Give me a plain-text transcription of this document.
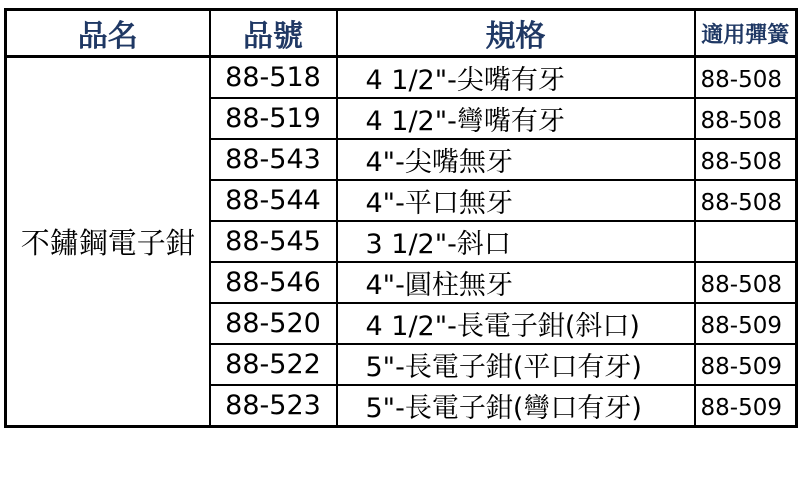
品名	品號	規格	適用彈簧
不鏽鋼電子鉗	88-518	4 1/2"-尖嘴有牙	88-508
	88-519	4 1/2"-彎嘴有牙	88-508
	88-543	4"-尖嘴無牙	88-508
	88-544	4"-平口無牙	88-508
	88-545	3 1/2"-斜口	
	88-546	4"-圓柱無牙	88-508
	88-520	4 1/2"-長電子鉗(斜口)	88-509
	88-522	5"-長電子鉗(平口有牙)	88-509
	88-523	5"-長電子鉗(彎口有牙)	88-509
